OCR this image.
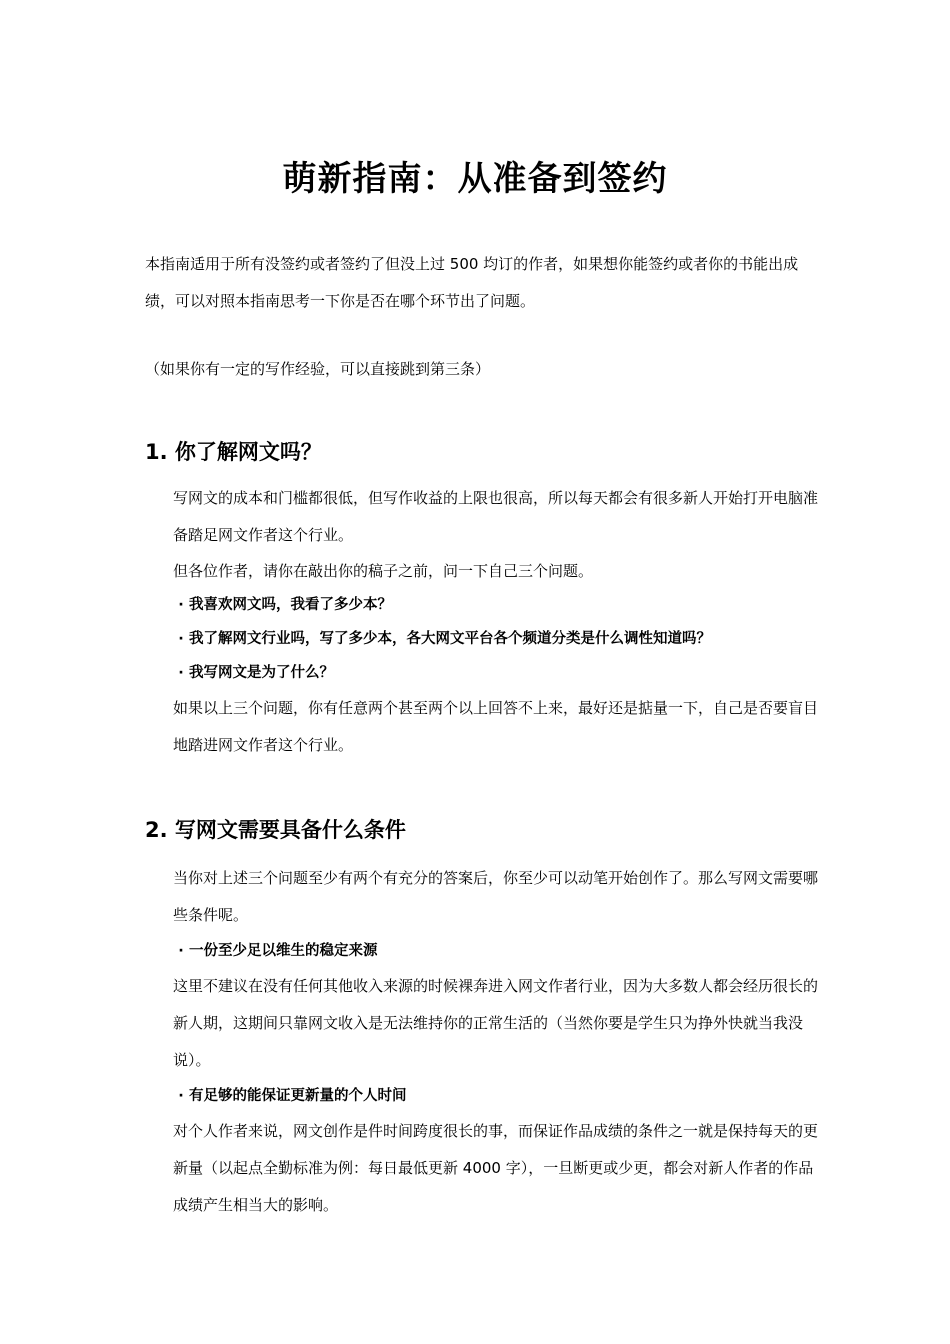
萌新指南：从准备到签约

本指南适用于所有没签约或者签约了但没上过 500 均订的作者，如果想你能签约或者你的书能出成绩，可以对照本指南思考一下你是否在哪个环节出了问题。

（如果你有一定的写作经验，可以直接跳到第三条）

1. 你了解网文吗？

写网文的成本和门槛都很低，但写作收益的上限也很高，所以每天都会有很多新人开始打开电脑准备踏足网文作者这个行业。

但各位作者，请你在敲出你的稿子之前，问一下自己三个问题。

· 我喜欢网文吗，我看了多少本？

· 我了解网文行业吗，写了多少本，各大网文平台各个频道分类是什么调性知道吗？

· 我写网文是为了什么？

如果以上三个问题，你有任意两个甚至两个以上回答不上来，最好还是掂量一下，自己是否要盲目地踏进网文作者这个行业。

2. 写网文需要具备什么条件

当你对上述三个问题至少有两个有充分的答案后，你至少可以动笔开始创作了。那么写网文需要哪些条件呢。

· 一份至少足以维生的稳定来源

这里不建议在没有任何其他收入来源的时候裸奔进入网文作者行业，因为大多数人都会经历很长的新人期，这期间只靠网文收入是无法维持你的正常生活的（当然你要是学生只为挣外快就当我没说）。

· 有足够的能保证更新量的个人时间

对个人作者来说，网文创作是件时间跨度很长的事，而保证作品成绩的条件之一就是保持每天的更新量（以起点全勤标准为例：每日最低更新 4000 字），一旦断更或少更，都会对新人作者的作品成绩产生相当大的影响。
